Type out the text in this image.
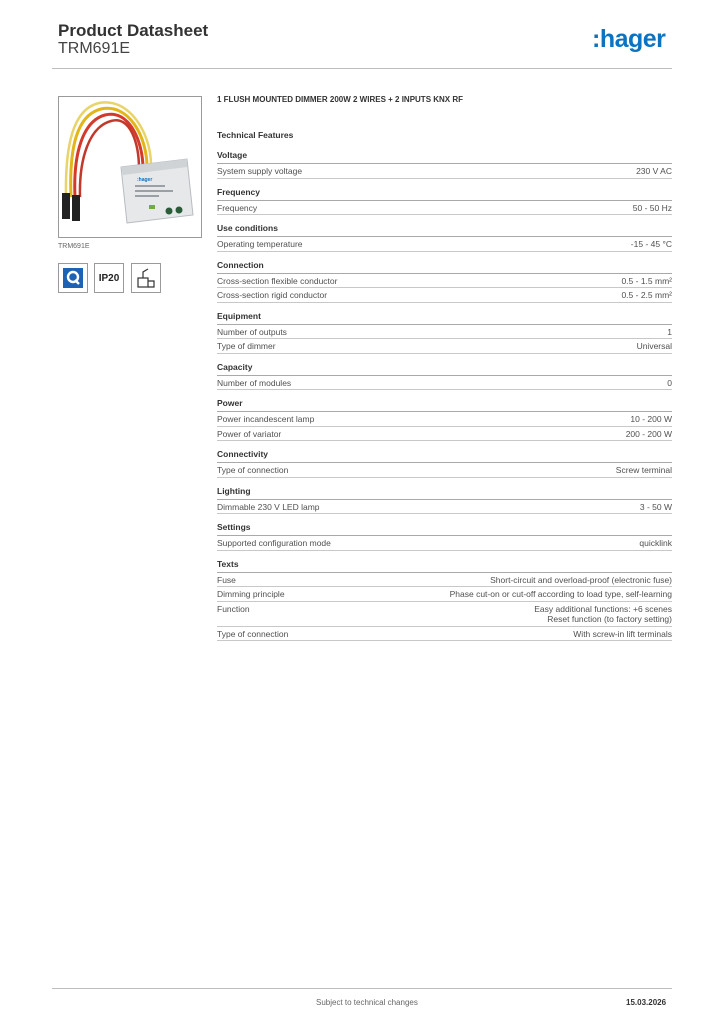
Product Datasheet
TRM691E	:hager
:hager
TRM691E
IP20
1 FLUSH MOUNTED DIMMER 200W 2 WIRES + 2 INPUTS KNX RF
Technical Features
Voltage
System supply voltage	230 V AC
Frequency
Frequency	50 - 50 Hz
Use conditions
Operating temperature	-15 - 45 °C
Connection
Cross-section flexible conductor	0.5 - 1.5 mm²
Cross-section rigid conductor	0.5 - 2.5 mm²
Equipment
Number of outputs	1
Type of dimmer	Universal
Capacity
Number of modules	0
Power
Power incandescent lamp	10 - 200 W
Power of variator	200 - 200 W
Connectivity
Type of connection	Screw terminal
Lighting
Dimmable 230 V LED lamp	3 - 50 W
Settings
Supported configuration mode	quicklink
Texts
Fuse	Short-circuit and overload-proof (electronic fuse)
Dimming principle	Phase cut-on or cut-off according to load type, self-learning
Function	Easy additional functions: +6 scenes
Reset function (to factory setting)
Type of connection	With screw-in lift terminals
Subject to technical changes	15.03.2026
